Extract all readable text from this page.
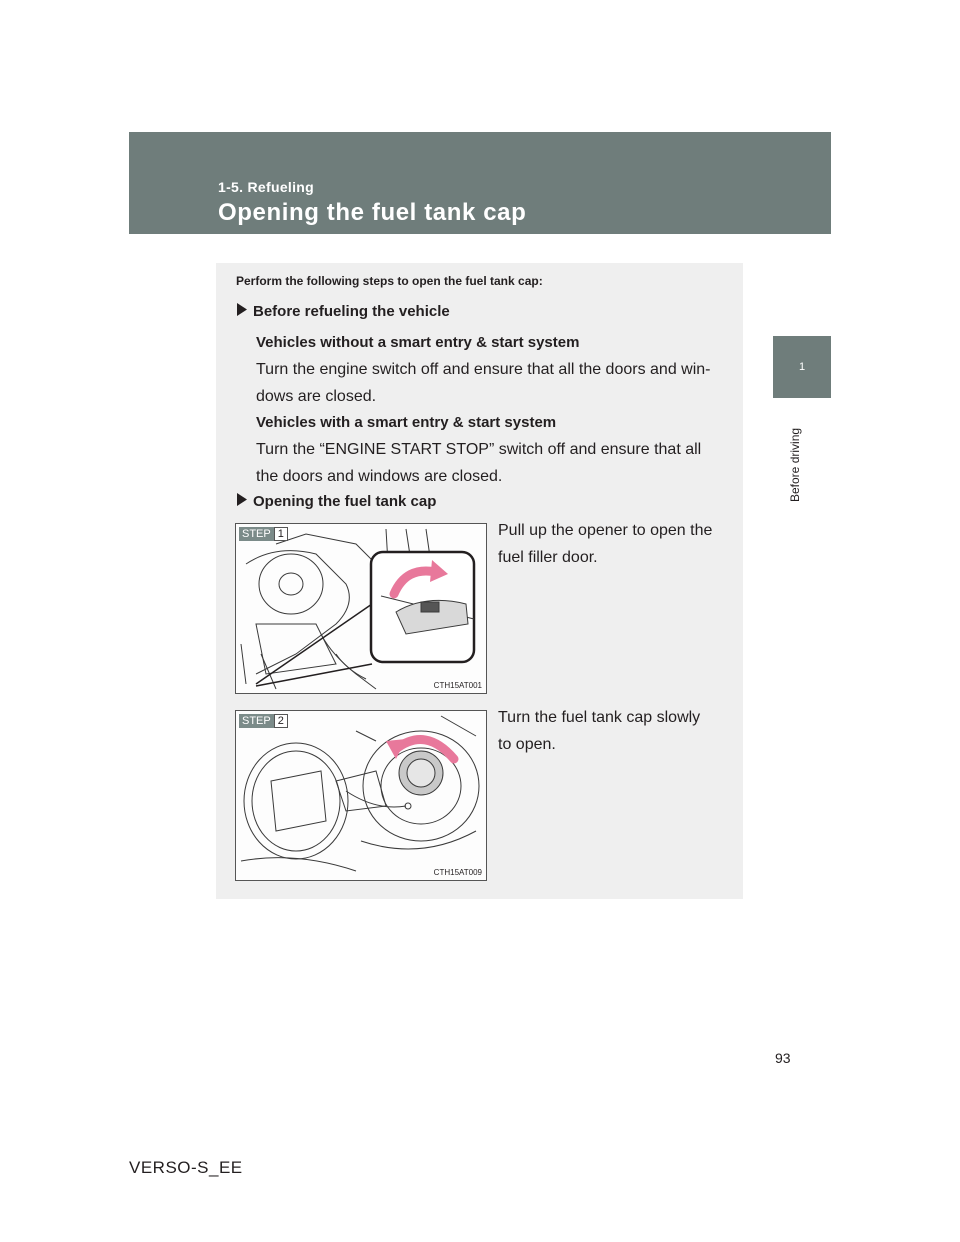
1-5. Refueling
Opening the fuel tank cap
1
Before driving
Perform the following steps to open the fuel tank cap:
Before refueling the vehicle
Vehicles without a smart entry & start system
Turn the engine switch off and ensure that all the doors and win-
dows are closed.
Vehicles with a smart entry & start system
Turn the “ENGINE START STOP” switch off and ensure that all
the doors and windows are closed.
Opening the fuel tank cap
STEP 1
CTH15AT001
Pull up the opener to open the
fuel filler door.
STEP 2
CTH15AT009
Turn the fuel tank cap slowly
to open.
93
VERSO-S_EE
